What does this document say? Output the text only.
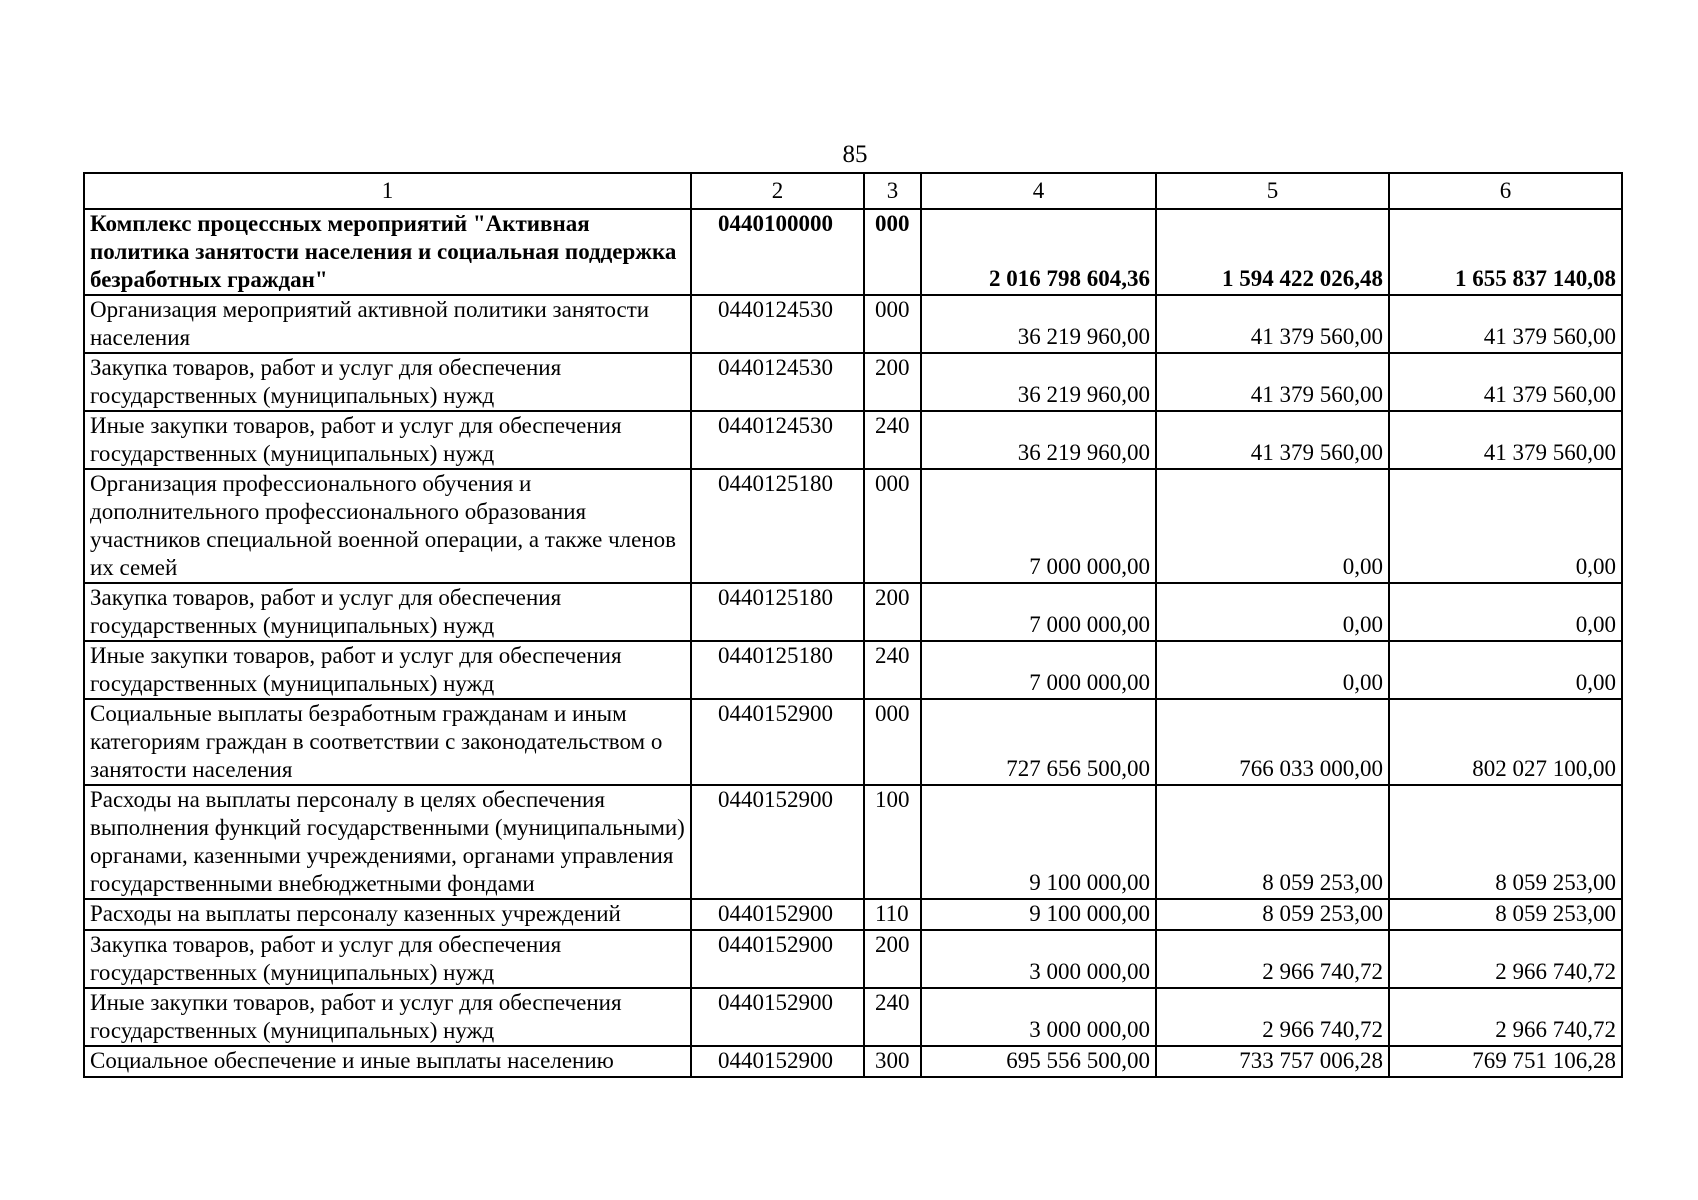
85
1	2	3	4	5	6
Комплекс процессных мероприятий "Активная политика занятости населения и социальная поддержка безработных граждан"	0440100000	000	2 016 798 604,36	1 594 422 026,48	1 655 837 140,08
Организация мероприятий активной политики занятости населения	0440124530	000	36 219 960,00	41 379 560,00	41 379 560,00
Закупка товаров, работ и услуг для обеспечения государственных (муниципальных) нужд	0440124530	200	36 219 960,00	41 379 560,00	41 379 560,00
Иные закупки товаров, работ и услуг для обеспечения государственных (муниципальных) нужд	0440124530	240	36 219 960,00	41 379 560,00	41 379 560,00
Организация профессионального обучения и дополнительного профессионального образования участников специальной военной операции, а также членов их семей	0440125180	000	7 000 000,00	0,00	0,00
Закупка товаров, работ и услуг для обеспечения государственных (муниципальных) нужд	0440125180	200	7 000 000,00	0,00	0,00
Иные закупки товаров, работ и услуг для обеспечения государственных (муниципальных) нужд	0440125180	240	7 000 000,00	0,00	0,00
Социальные выплаты безработным гражданам и иным категориям граждан в соответствии с законодательством о занятости населения	0440152900	000	727 656 500,00	766 033 000,00	802 027 100,00
Расходы на выплаты персоналу в целях обеспечения выполнения функций государственными (муниципальными) органами, казенными учреждениями, органами управления государственными внебюджетными фондами	0440152900	100	9 100 000,00	8 059 253,00	8 059 253,00
Расходы на выплаты персоналу казенных учреждений	0440152900	110	9 100 000,00	8 059 253,00	8 059 253,00
Закупка товаров, работ и услуг для обеспечения государственных (муниципальных) нужд	0440152900	200	3 000 000,00	2 966 740,72	2 966 740,72
Иные закупки товаров, работ и услуг для обеспечения государственных (муниципальных) нужд	0440152900	240	3 000 000,00	2 966 740,72	2 966 740,72
Социальное обеспечение и иные выплаты населению	0440152900	300	695 556 500,00	733 757 006,28	769 751 106,28
